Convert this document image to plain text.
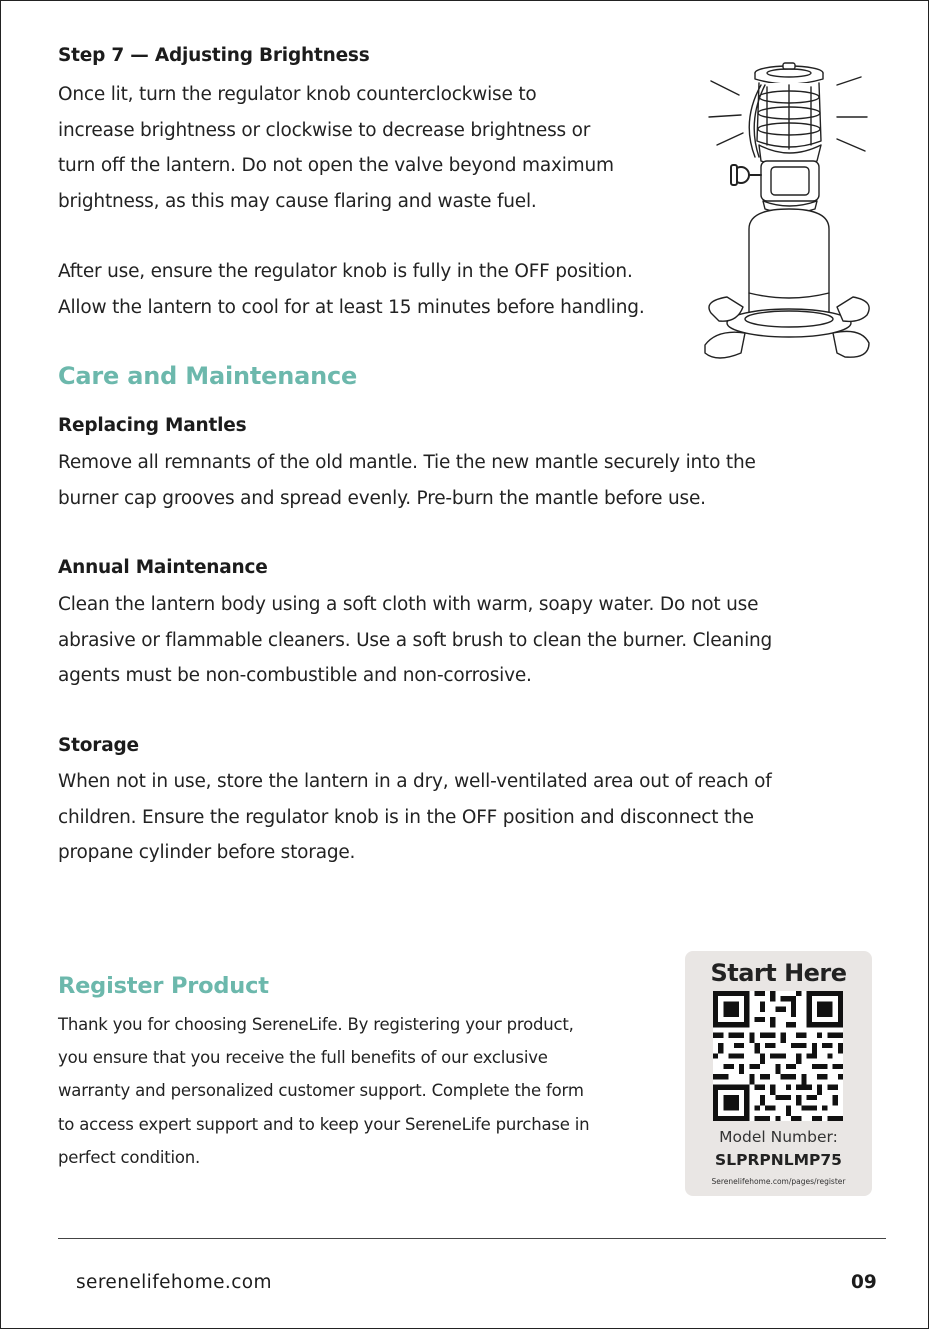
Step 7 — Adjusting Brightness
Once lit, turn the regulator knob counterclockwise to
increase brightness or clockwise to decrease brightness or
turn off the lantern. Do not open the valve beyond maximum
brightness, as this may cause flaring and waste fuel.
After use, ensure the regulator knob is fully in the OFF position.
Allow the lantern to cool for at least 15 minutes before handling.
Care and Maintenance
Replacing Mantles
Remove all remnants of the old mantle. Tie the new mantle securely into the
burner cap grooves and spread evenly. Pre-burn the mantle before use.
Annual Maintenance
Clean the lantern body using a soft cloth with warm, soapy water. Do not use
abrasive or flammable cleaners. Use a soft brush to clean the burner. Cleaning
agents must be non-combustible and non-corrosive.
Storage
When not in use, store the lantern in a dry, well-ventilated area out of reach of
children. Ensure the regulator knob is in the OFF position and disconnect the
propane cylinder before storage.
Register Product
Thank you for choosing SereneLife. By registering your product,
you ensure that you receive the full benefits of our exclusive
warranty and personalized customer support. Complete the form
to access expert support and to keep your SereneLife purchase in
perfect condition.
Start Here
Model Number:
SLPRPNLMP75
Serenelifehome.com/pages/register
serenelifehome.com	09
